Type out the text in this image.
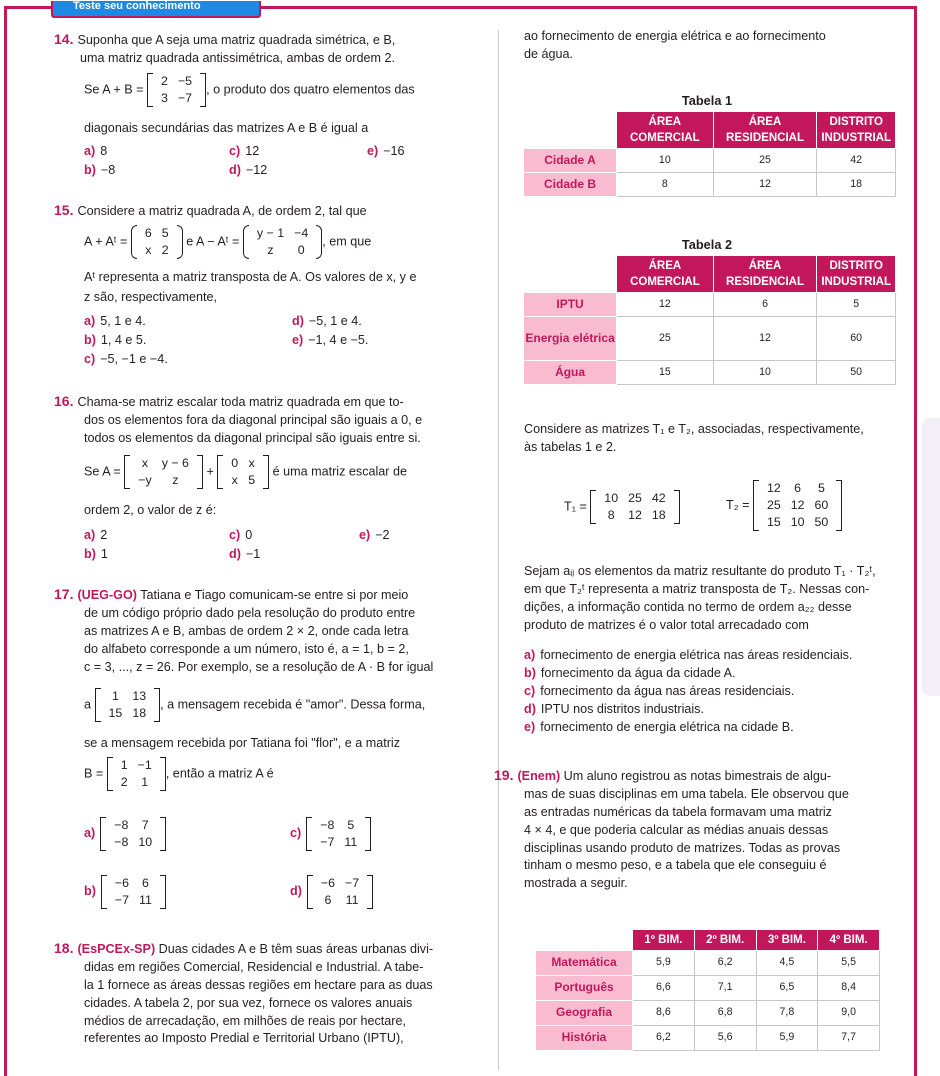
Teste seu conhecimento
14. Suponha que A seja uma matriz quadrada simétrica, e B,
uma matriz quadrada antissimétrica, ambas de ordem 2.
Se A + B =
2	−5
3	−7
, o produto dos quatro elementos das
diagonais secundárias das matrizes A e B é igual a
a) 8	c) 12	e) −16
b) −8	d) −12
15. Considere a matriz quadrada A, de ordem 2, tal que
A + Aᵗ =
6	5
x	2
e A − Aᵗ =
y − 1	−4
z	0
, em que
Aᵗ representa a matriz transposta de A. Os valores de x, y e
z são, respectivamente,
a) 5, 1 e 4.	d) −5, 1 e 4.
b) 1, 4 e 5.	e) −1, 4 e −5.
c) −5, −1 e −4.
16. Chama-se matriz escalar toda matriz quadrada em que to-
dos os elementos fora da diagonal principal são iguais a 0, e
todos os elementos da diagonal principal são iguais entre si.
Se A =
x	y − 6
−y	z
+
0	x
x	5
é uma matriz escalar de
ordem 2, o valor de z é:
a) 2	c) 0	e) −2
b) 1	d) −1
17. (UEG-GO) Tatiana e Tiago comunicam-se entre si por meio
de um código próprio dado pela resolução do produto entre
as matrizes A e B, ambas de ordem 2 × 2, onde cada letra
do alfabeto corresponde a um número, isto é, a = 1, b = 2,
c = 3, ..., z = 26. Por exemplo, se a resolução de A · B for igual
a
1	13
15	18
, a mensagem recebida é "amor". Dessa forma,
se a mensagem recebida por Tatiana foi "flor", e a matriz
B =
1	−1
2	1
, então a matriz A é
a)
−8	7
−8	10
c)
−8	5
−7	11
b)
−6	6
−7	11
d)
−6	−7
6	11
18. (EsPCEx-SP) Duas cidades A e B têm suas áreas urbanas divi-
didas em regiões Comercial, Residencial e Industrial. A tabe-
la 1 fornece as áreas dessas regiões em hectare para as duas
cidades. A tabela 2, por sua vez, fornece os valores anuais
médios de arrecadação, em milhões de reais por hectare,
referentes ao Imposto Predial e Territorial Urbano (IPTU),
ao fornecimento de energia elétrica e ao fornecimento
de água.
Tabela 1
	ÁREA COMERCIAL	ÁREA RESIDENCIAL	DISTRITO INDUSTRIAL
Cidade A	10	25	42
Cidade B	8	12	18
Tabela 2
	ÁREA COMERCIAL	ÁREA RESIDENCIAL	DISTRITO INDUSTRIAL
IPTU	12	6	5
Energia elétrica	25	12	60
Água	15	10	50
Considere as matrizes T₁ e T₂, associadas, respectivamente,
às tabelas 1 e 2.
T₁ =
10	25	42
8	12	18
T₂ =
12	6	5
25	12	60
15	10	50
Sejam aᵢⱼ os elementos da matriz resultante do produto T₁ · T₂ᵗ,
em que T₂ᵗ representa a matriz transposta de T₂. Nessas con-
dições, a informação contida no termo de ordem a₂₂ desse
produto de matrizes é o valor total arrecadado com
a) fornecimento de energia elétrica nas áreas residenciais.
b) fornecimento da água da cidade A.
c) fornecimento da água nas áreas residenciais.
d) IPTU nos distritos industriais.
e) fornecimento de energia elétrica na cidade B.
19. (Enem) Um aluno registrou as notas bimestrais de algu-
mas de suas disciplinas em uma tabela. Ele observou que
as entradas numéricas da tabela formavam uma matriz
4 × 4, e que poderia calcular as médias anuais dessas
disciplinas usando produto de matrizes. Todas as provas
tinham o mesmo peso, e a tabela que ele conseguiu é
mostrada a seguir.
	1º BIM.	2º BIM.	3º BIM.	4º BIM.
Matemática	5,9	6,2	4,5	5,5
Português	6,6	7,1	6,5	8,4
Geografia	8,6	6,8	7,8	9,0
História	6,2	5,6	5,9	7,7
